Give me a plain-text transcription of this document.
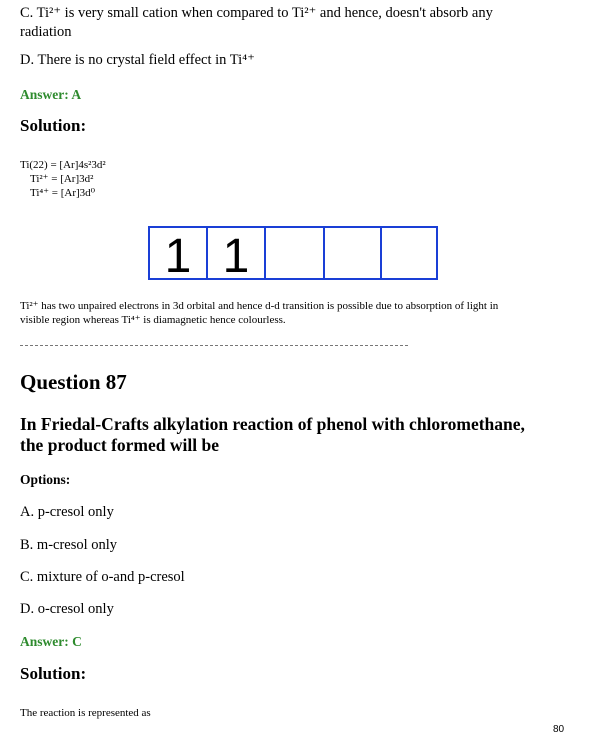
C. Ti²⁺ is very small cation when compared to Ti²⁺ and hence, doesn't absorb any
radiation
D. There is no crystal field effect in Ti⁴⁺
Answer: A
Solution:
Ti(22) = [Ar]4s²3d²
Ti²⁺ = [Ar]3d²
Ti⁴⁺ = [Ar]3d⁰
1 1
Ti²⁺ has two unpaired electrons in 3d orbital and hence d-d transition is possible due to absorption of light in
visible region whereas Ti⁴⁺ is diamagnetic hence colourless.
Question 87
In Friedal-Crafts alkylation reaction of phenol with chloromethane,
the product formed will be
Options:
A. p-cresol only
B. m-cresol only
C. mixture of o-and p-cresol
D. o-cresol only
Answer: C
Solution:
The reaction is represented as
80
